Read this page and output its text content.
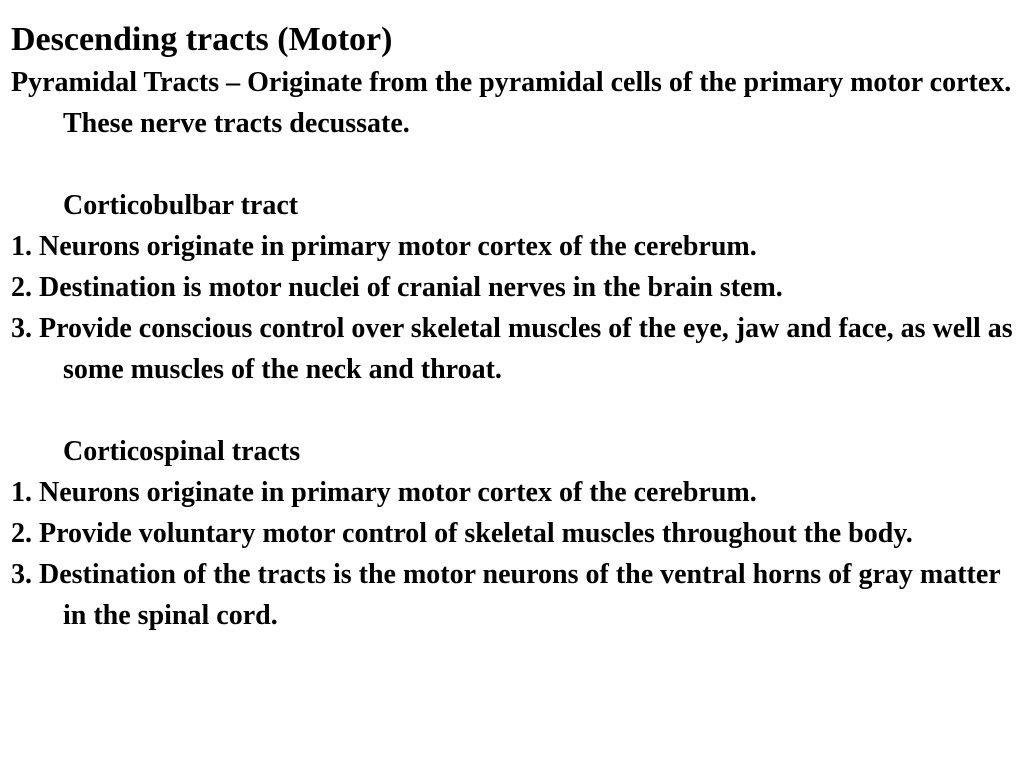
Descending tracts (Motor)

Pyramidal Tracts – Originate from the pyramidal cells of the primary motor cortex. These nerve tracts decussate.

Corticobulbar tract

1. Neurons originate in primary motor cortex of the cerebrum.

2. Destination is motor nuclei of cranial nerves in the brain stem.

3. Provide conscious control over skeletal muscles of the eye, jaw and face, as well as some muscles of the neck and throat.

Corticospinal tracts

1. Neurons originate in primary motor cortex of the cerebrum.

2. Provide voluntary motor control of skeletal muscles throughout the body.

3. Destination of the tracts is the motor neurons of the ventral horns of gray matter in the spinal cord.
